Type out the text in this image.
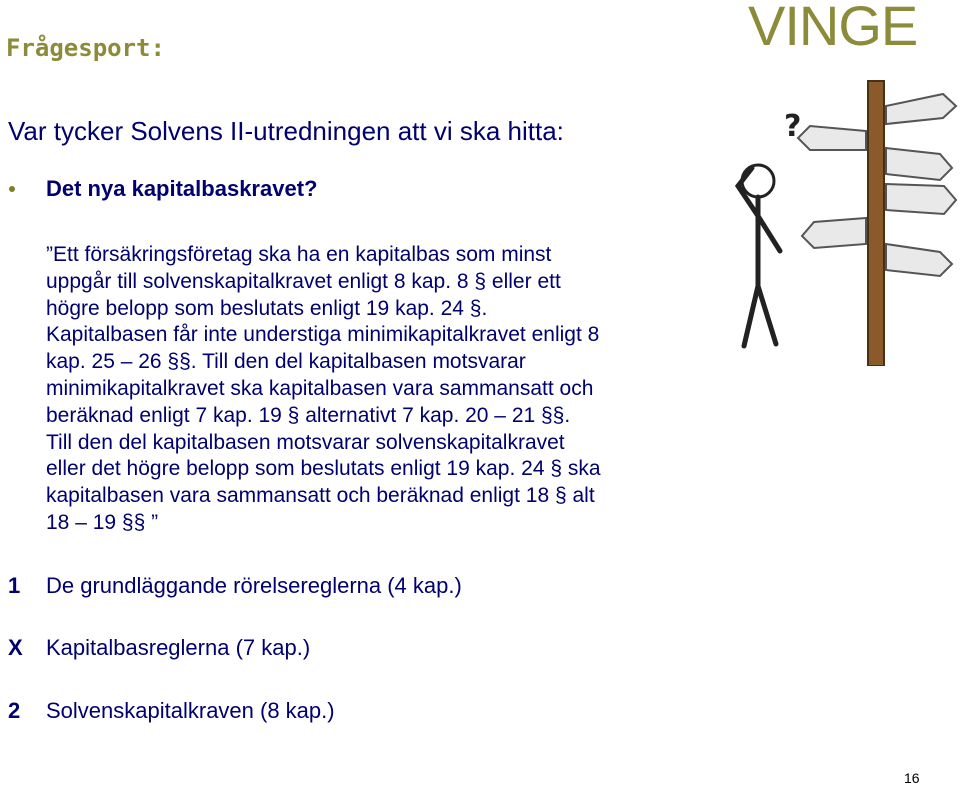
Frågesport:	VINGE
Var tycker Solvens II-utredningen att vi ska hitta:
Det nya kapitalbaskravet?
”Ett försäkringsföretag ska ha en kapitalbas som minst
uppgår till solvenskapitalkravet enligt 8 kap. 8 § eller ett
högre belopp som beslutats enligt 19 kap. 24 §.
Kapitalbasen får inte understiga minimikapitalkravet enligt 8
kap. 25 – 26 §§. Till den del kapitalbasen motsvarar
minimikapitalkravet ska kapitalbasen vara sammansatt och
beräknad enligt 7 kap. 19 § alternativt 7 kap. 20 – 21 §§.
Till den del kapitalbasen motsvarar solvenskapitalkravet
eller det högre belopp som beslutats enligt 19 kap. 24 § ska
kapitalbasen vara sammansatt och beräknad enligt 18 § alt
18 – 19 §§ ”
1 De grundläggande rörelsereglerna (4 kap.)
X Kapitalbasreglerna (7 kap.)
2 Solvenskapitalkraven (8 kap.)
?
16
